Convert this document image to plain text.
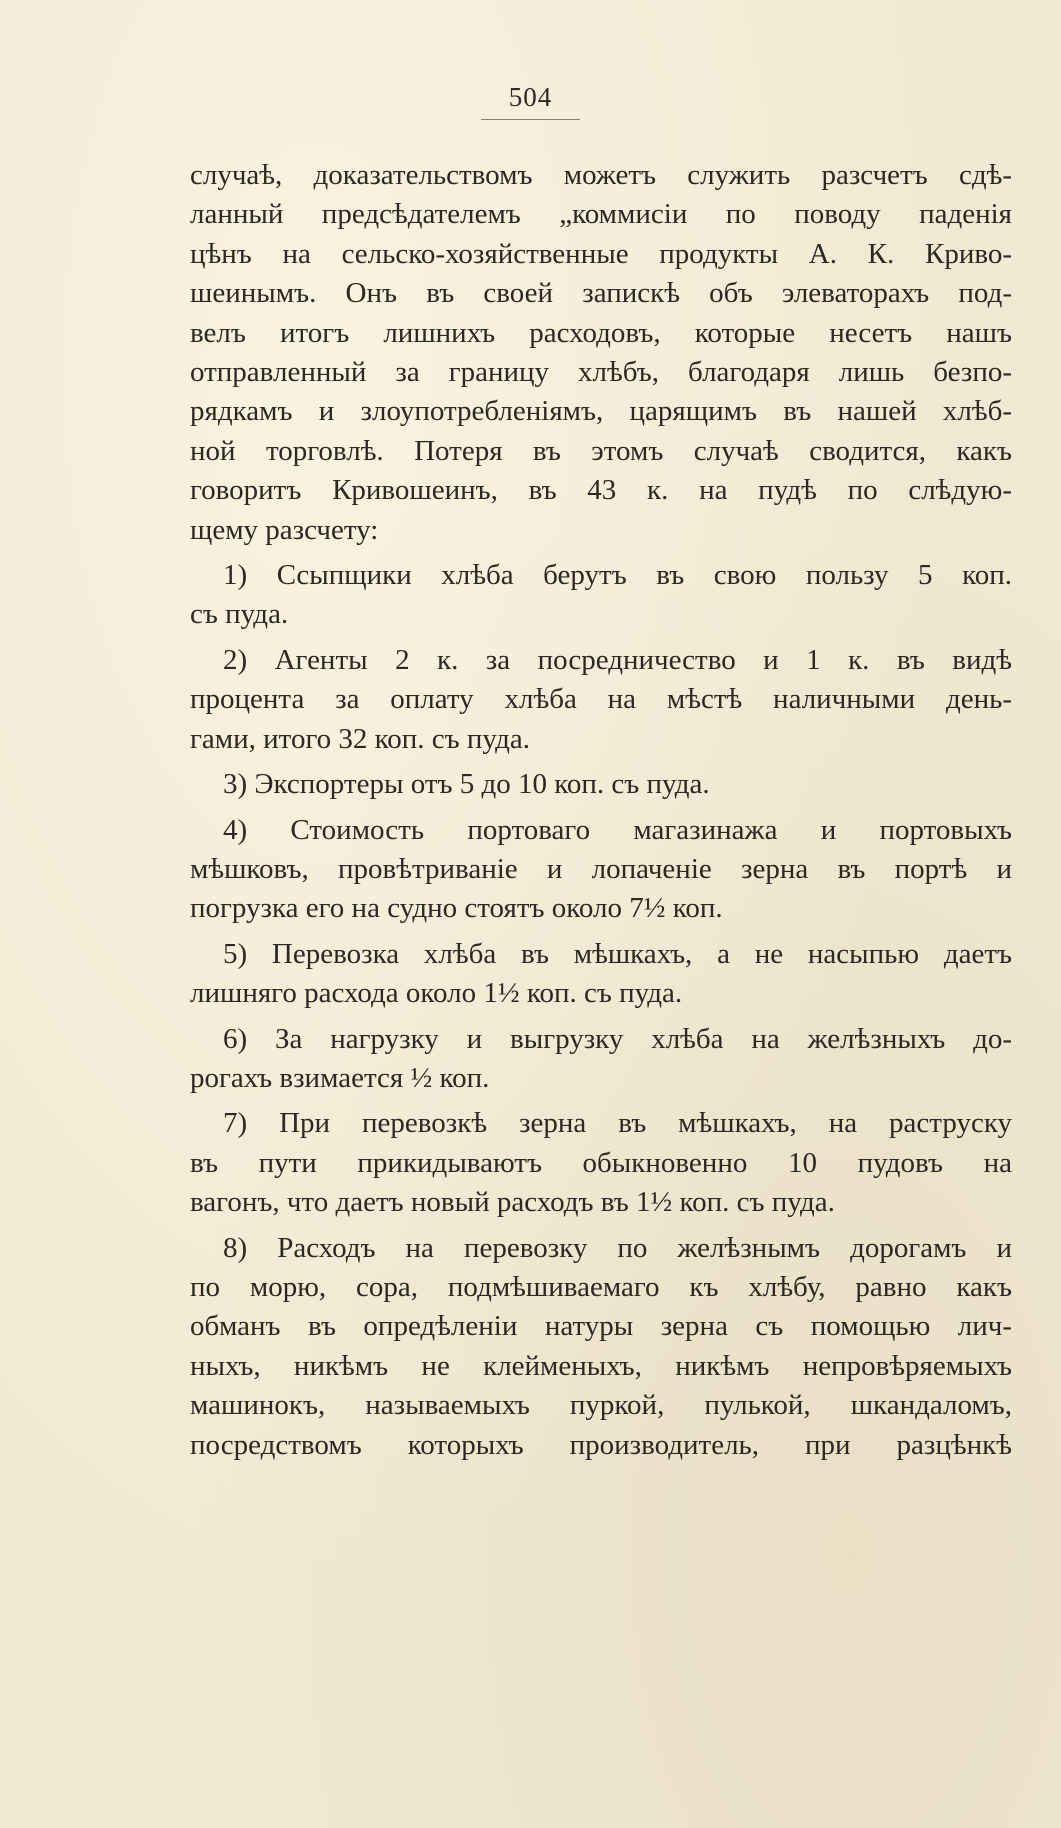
504

случаѣ, доказательствомъ можетъ служить разсчетъ сдѣ-
ланный предсѣдателемъ „коммисіи по поводу паденія
цѣнъ на сельско-хозяйственные продукты А. К. Криво-
шеинымъ. Онъ въ своей запискѣ объ элеваторахъ под-
велъ итогъ лишнихъ расходовъ, которые несетъ нашъ
отправленный за границу хлѣбъ, благодаря лишь безпо-
рядкамъ и злоупотребленіямъ, царящимъ въ нашей хлѣб-
ной торговлѣ. Потеря въ этомъ случаѣ сводится, какъ
говоритъ Кривошеинъ, въ 43 к. на пудѣ по слѣдую-
щему разсчету:

1) Ссыпщики хлѣба берутъ въ свою пользу 5 коп.
съ пуда.

2) Агенты 2 к. за посредничество и 1 к. въ видѣ
процента за оплату хлѣба на мѣстѣ наличными день-
гами, итого 32 коп. съ пуда.

3) Экспортеры отъ 5 до 10 коп. съ пуда.

4) Стоимость портоваго магазинажа и портовыхъ
мѣшковъ, провѣтриваніе и лопаченіе зерна въ портѣ и
погрузка его на судно стоятъ около 7½ коп.

5) Перевозка хлѣба въ мѣшкахъ, а не насыпью даетъ
лишняго расхода около 1½ коп. съ пуда.

6) За нагрузку и выгрузку хлѣба на желѣзныхъ до-
рогахъ взимается ½ коп.

7) При перевозкѣ зерна въ мѣшкахъ, на раструску
въ пути прикидываютъ обыкновенно 10 пудовъ на
вагонъ, что даетъ новый расходъ въ 1½ коп. съ пуда.

8) Расходъ на перевозку по желѣзнымъ дорогамъ и
по морю, сора, подмѣшиваемаго къ хлѣбу, равно какъ
обманъ въ опредѣленіи натуры зерна съ помощью лич-
ныхъ, никѣмъ не клейменыхъ, никѣмъ непровѣряемыхъ
машинокъ, называемыхъ пуркой, пулькой, шкандаломъ,
посредствомъ которыхъ производитель, при разцѣнкѣ
